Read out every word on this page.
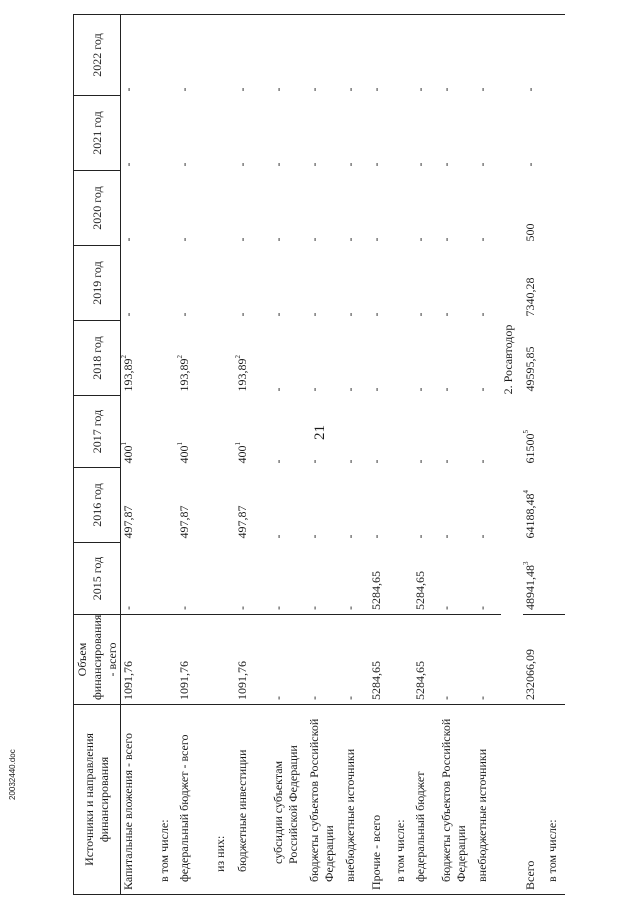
21
Источники и направления финансирования	Объем финансирования - всего	2015 год	2016 год	2017 год	2018 год	2019 год	2020 год	2021 год	2022 год
Капитальные вложения - всего	1091,76	-	497,87	$400^1$	193,89$^2$	-	-	-	-
в том числе:									
федеральный бюджет - всего	1091,76	-	497,87	$400^1$	193,89$^2$	-	-	-	-
из них:									
бюджетные инвестиции	1091,76	-	497,87	$400^1$	193,89$^2$	-	-	-	-
субсидии субъектам Российской Федерации	-	-	-	-	-	-	-	-	-
бюджеты субъектов Российской Федерации	-	-	-	-	-	-	-	-	-
внебюджетные источники	-	-	-	-	-	-	-	-	-
Прочие - всего	5284,65	5284,65	-	-	-	-	-	-	-
в том числе:									
федеральный бюджет	5284,65	5284,65	-	-	-	-	-	-	-
бюджеты субъектов Российской Федерации	-	-	-	-	-	-	-	-	-
внебюджетные источники	-	-	-	-	-	-	-	-	-
	2. Росавтодор								
Всего	232066,09	48941,48$^3$	64188,48$^4$	61500$^5$	49595,85	7340,28	500	-	-
в том числе:									
20032440.doc
